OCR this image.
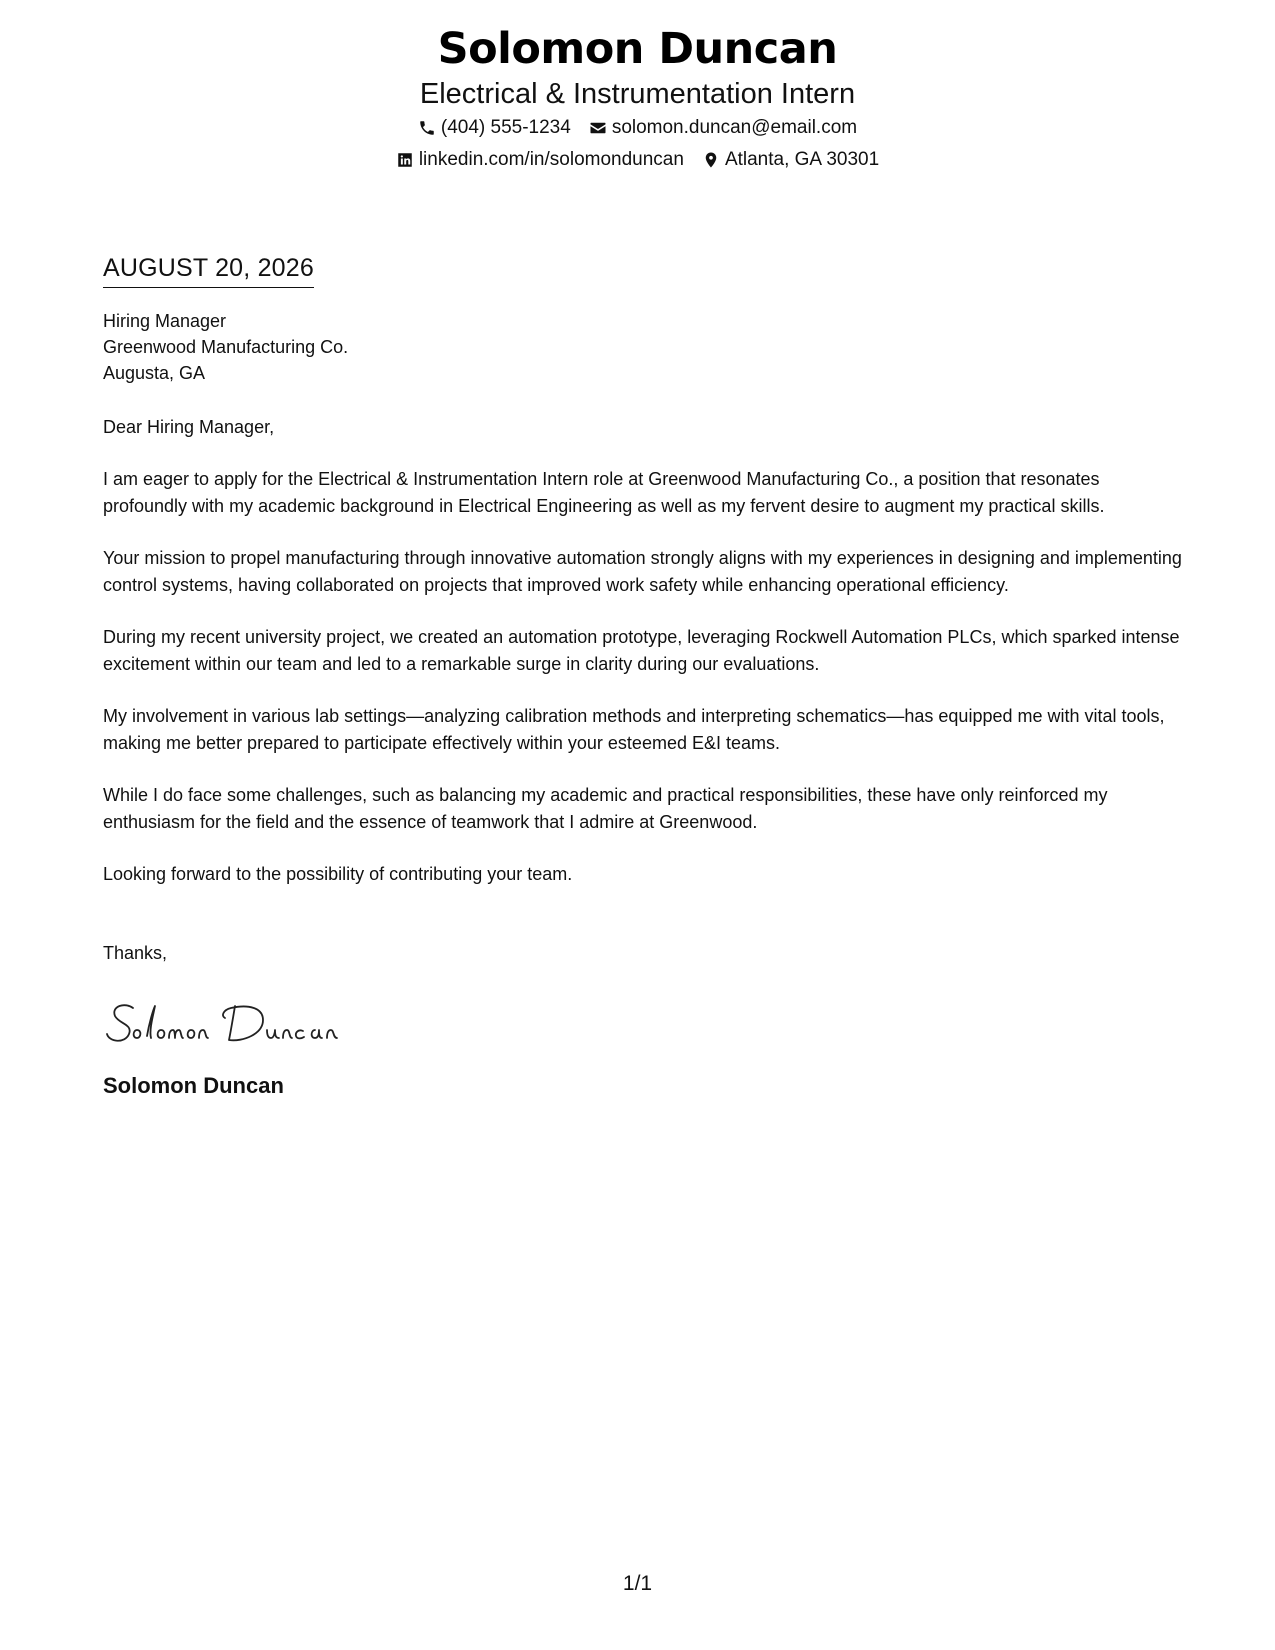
Solomon Duncan
Electrical & Instrumentation Intern
(404) 555-1234 solomon.duncan@email.com
linkedin.com/in/solomonduncan Atlanta, GA 30301
AUGUST 20, 2026
Hiring Manager
Greenwood Manufacturing Co.
Augusta, GA
Dear Hiring Manager,
I am eager to apply for the Electrical & Instrumentation Intern role at Greenwood Manufacturing Co., a position that resonates profoundly with my academic background in Electrical Engineering as well as my fervent desire to augment my practical skills.
Your mission to propel manufacturing through innovative automation strongly aligns with my experiences in designing and implementing control systems, having collaborated on projects that improved work safety while enhancing operational efficiency.
During my recent university project, we created an automation prototype, leveraging Rockwell Automation PLCs, which sparked intense excitement within our team and led to a remarkable surge in clarity during our evaluations.
My involvement in various lab settings—analyzing calibration methods and interpreting schematics—has equipped me with vital tools, making me better prepared to participate effectively within your esteemed E&I teams.
While I do face some challenges, such as balancing my academic and practical responsibilities, these have only reinforced my enthusiasm for the field and the essence of teamwork that I admire at Greenwood.
Looking forward to the possibility of contributing your team.
Thanks,
Solomon Duncan
1/1
